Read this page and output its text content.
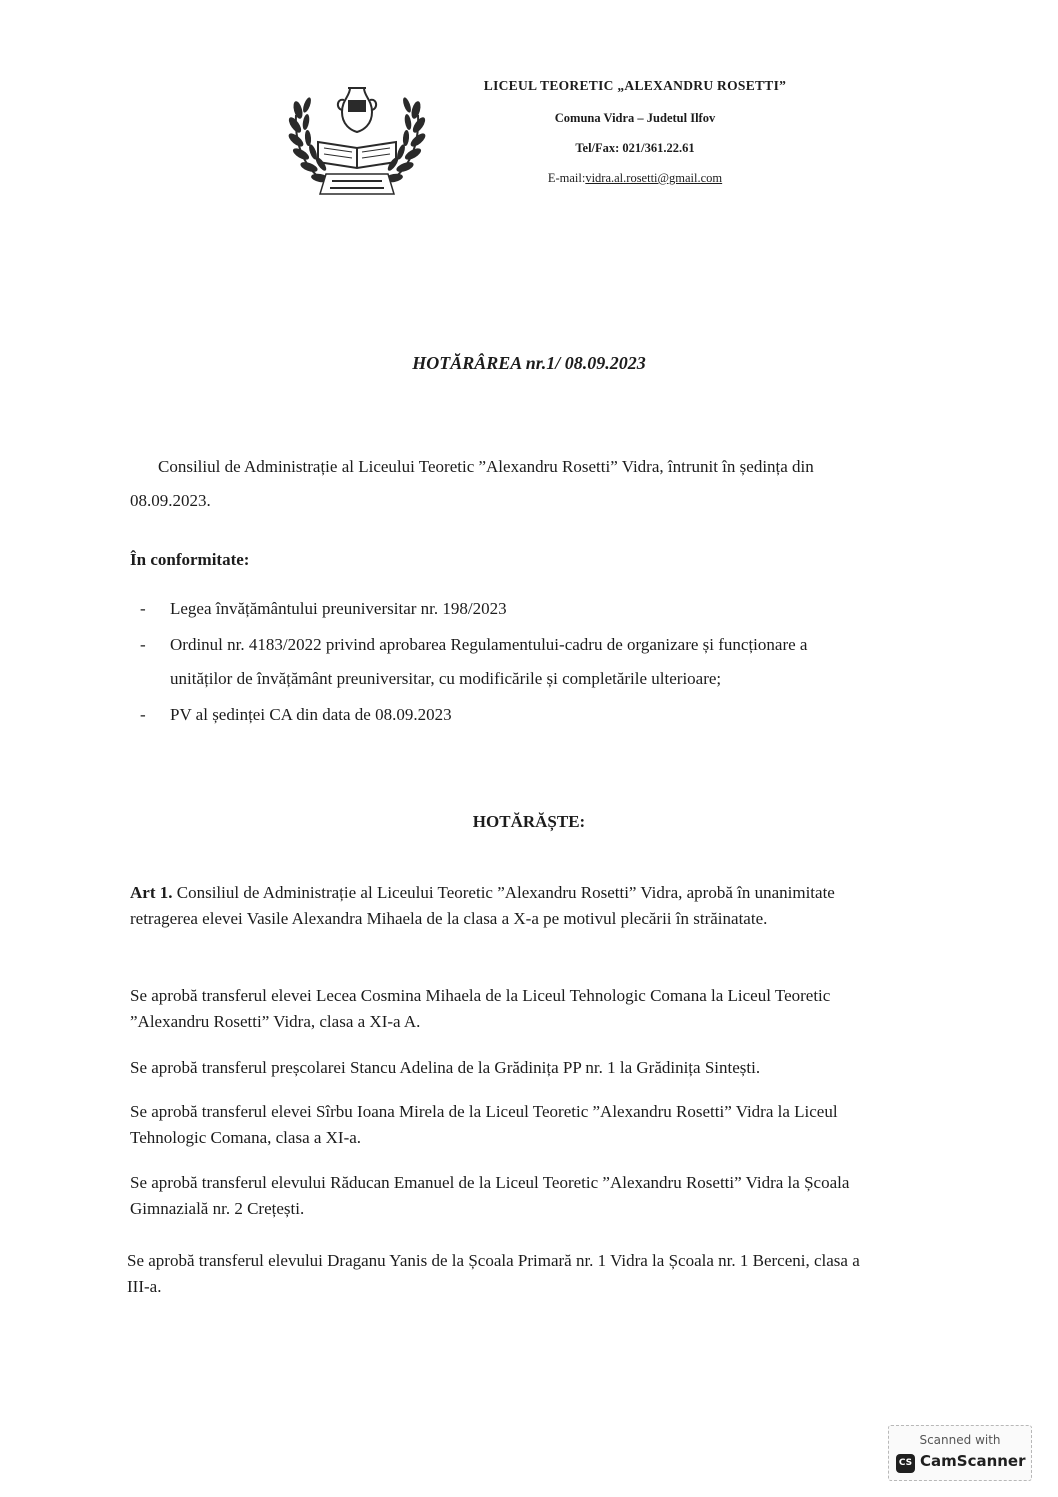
LICEUL TEORETIC „ALEXANDRU ROSETTI”
Comuna Vidra – Judetul Ilfov
Tel/Fax: 021/361.22.61
E-mail:vidra.al.rosetti@gmail.com
HOTĂRÂREA nr.1/ 08.09.2023
Consiliul de Administrație al Liceului Teoretic ”Alexandru Rosetti” Vidra, întrunit în ședința din 08.09.2023.
În conformitate:
- Legea învățământului preuniversitar nr. 198/2023
- Ordinul nr. 4183/2022 privind aprobarea Regulamentului-cadru de organizare și funcționare a unităților de învățământ preuniversitar, cu modificările și completările ulterioare;
- PV al ședinței CA din data de 08.09.2023
HOTĂRĂȘTE:
Art 1. Consiliul de Administrație al Liceului Teoretic ”Alexandru Rosetti” Vidra, aprobă în unanimitate retragerea elevei Vasile Alexandra Mihaela de la clasa a X-a pe motivul plecării în străinatate.
Se aprobă transferul elevei Lecea Cosmina Mihaela de la Liceul Tehnologic Comana la Liceul Teoretic ”Alexandru Rosetti” Vidra, clasa a XI-a A.
Se aprobă transferul preșcolarei Stancu Adelina de la Grădinița PP nr. 1 la Grădinița Sintești.
Se aprobă transferul elevei Sîrbu Ioana Mirela de la Liceul Teoretic ”Alexandru Rosetti” Vidra la Liceul Tehnologic Comana, clasa a XI-a.
Se aprobă transferul elevului Răducan Emanuel de la Liceul Teoretic ”Alexandru Rosetti” Vidra la Școala Gimnazială nr. 2 Crețești.
Se aprobă transferul elevului Draganu Yanis de la Școala Primară nr. 1 Vidra la Școala nr. 1 Berceni, clasa a III-a.
Scanned with
CS CamScanner
